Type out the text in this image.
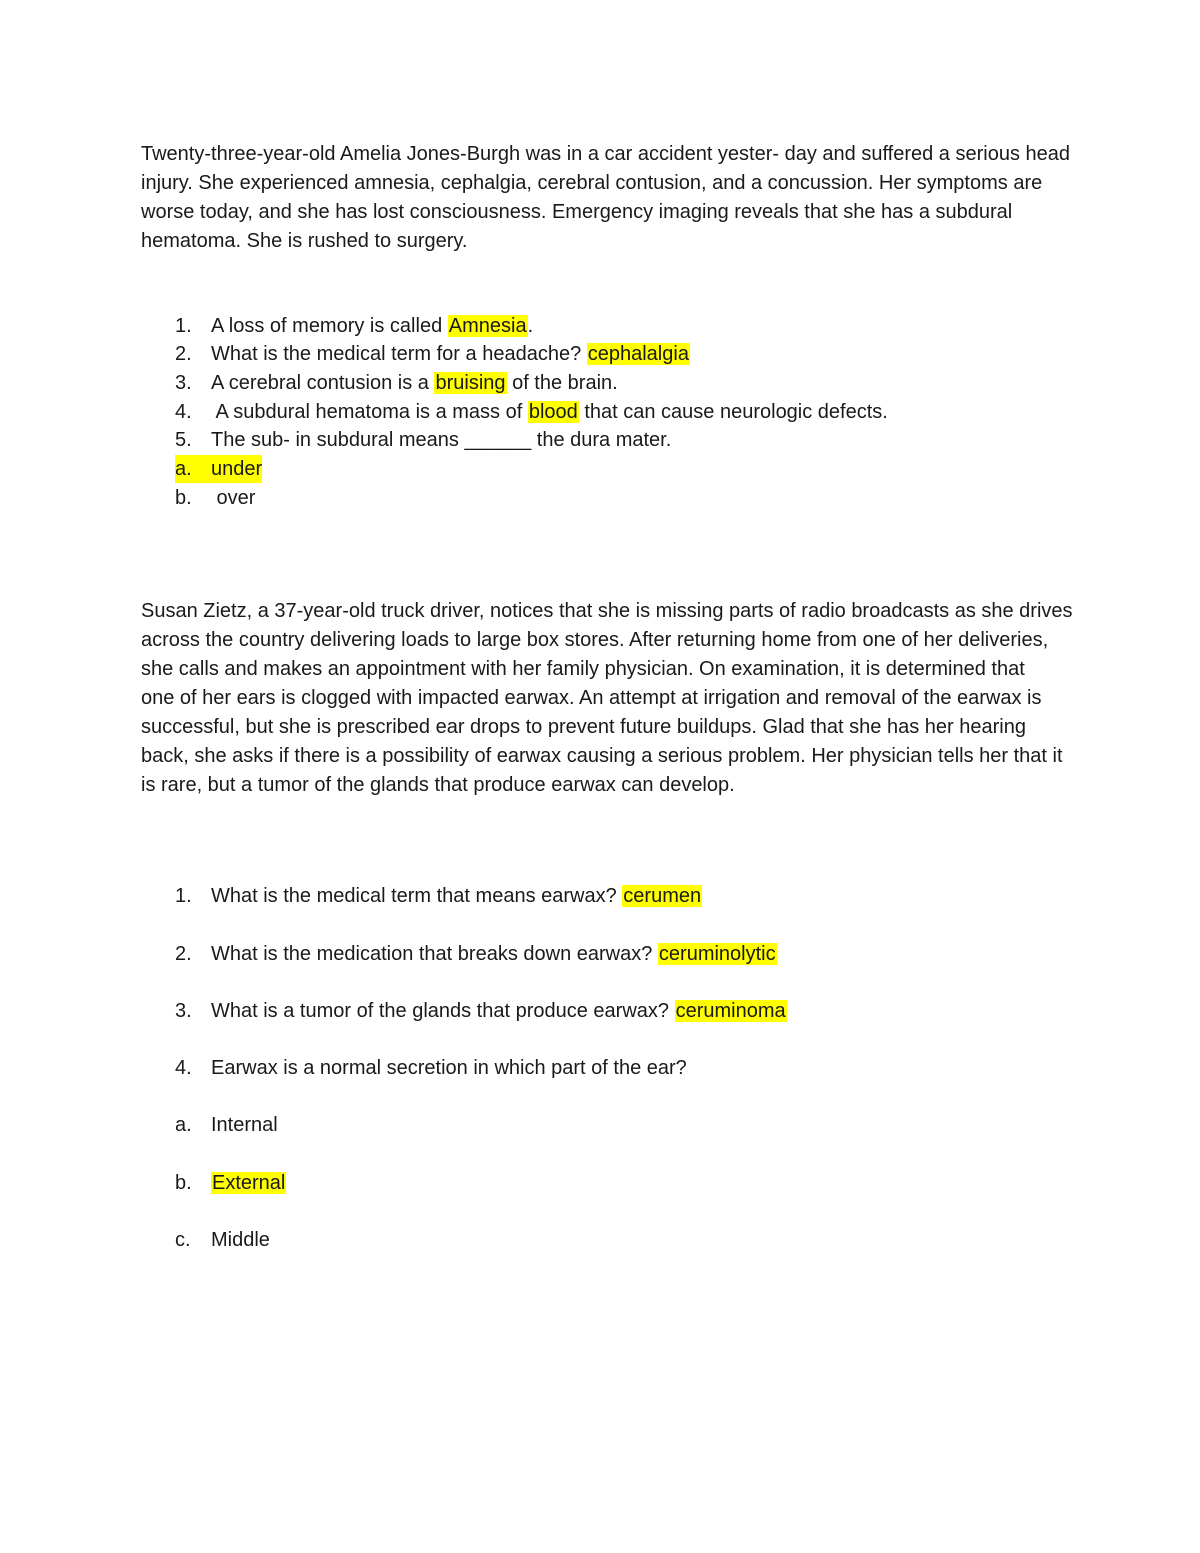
Twenty-three-year-old Amelia Jones-Burgh was in a car accident yester- day and suffered a serious head
injury. She experienced amnesia, cephalgia, cerebral contusion, and a concussion. Her symptoms are
worse today, and she has lost consciousness. Emergency imaging reveals that she has a subdural
hematoma. She is rushed to surgery.

1. A loss of memory is called Amnesia.
2. What is the medical term for a headache? cephalalgia
3. A cerebral contusion is a bruising of the brain.
4. A subdural hematoma is a mass of blood that can cause neurologic defects.
5. The sub- in subdural means ______ the dura mater.
a. under
b. over

Susan Zietz, a 37-year-old truck driver, notices that she is missing parts of radio broadcasts as she drives
across the country delivering loads to large box stores. After returning home from one of her deliveries,
she calls and makes an appointment with her family physician. On examination, it is determined that
one of her ears is clogged with impacted earwax. An attempt at irrigation and removal of the earwax is
successful, but she is prescribed ear drops to prevent future buildups. Glad that she has her hearing
back, she asks if there is a possibility of earwax causing a serious problem. Her physician tells her that it
is rare, but a tumor of the glands that produce earwax can develop.

1. What is the medical term that means earwax? cerumen
2. What is the medication that breaks down earwax? ceruminolytic
3. What is a tumor of the glands that produce earwax? ceruminoma
4. Earwax is a normal secretion in which part of the ear?
a. Internal
b.	External
c.	Middle
